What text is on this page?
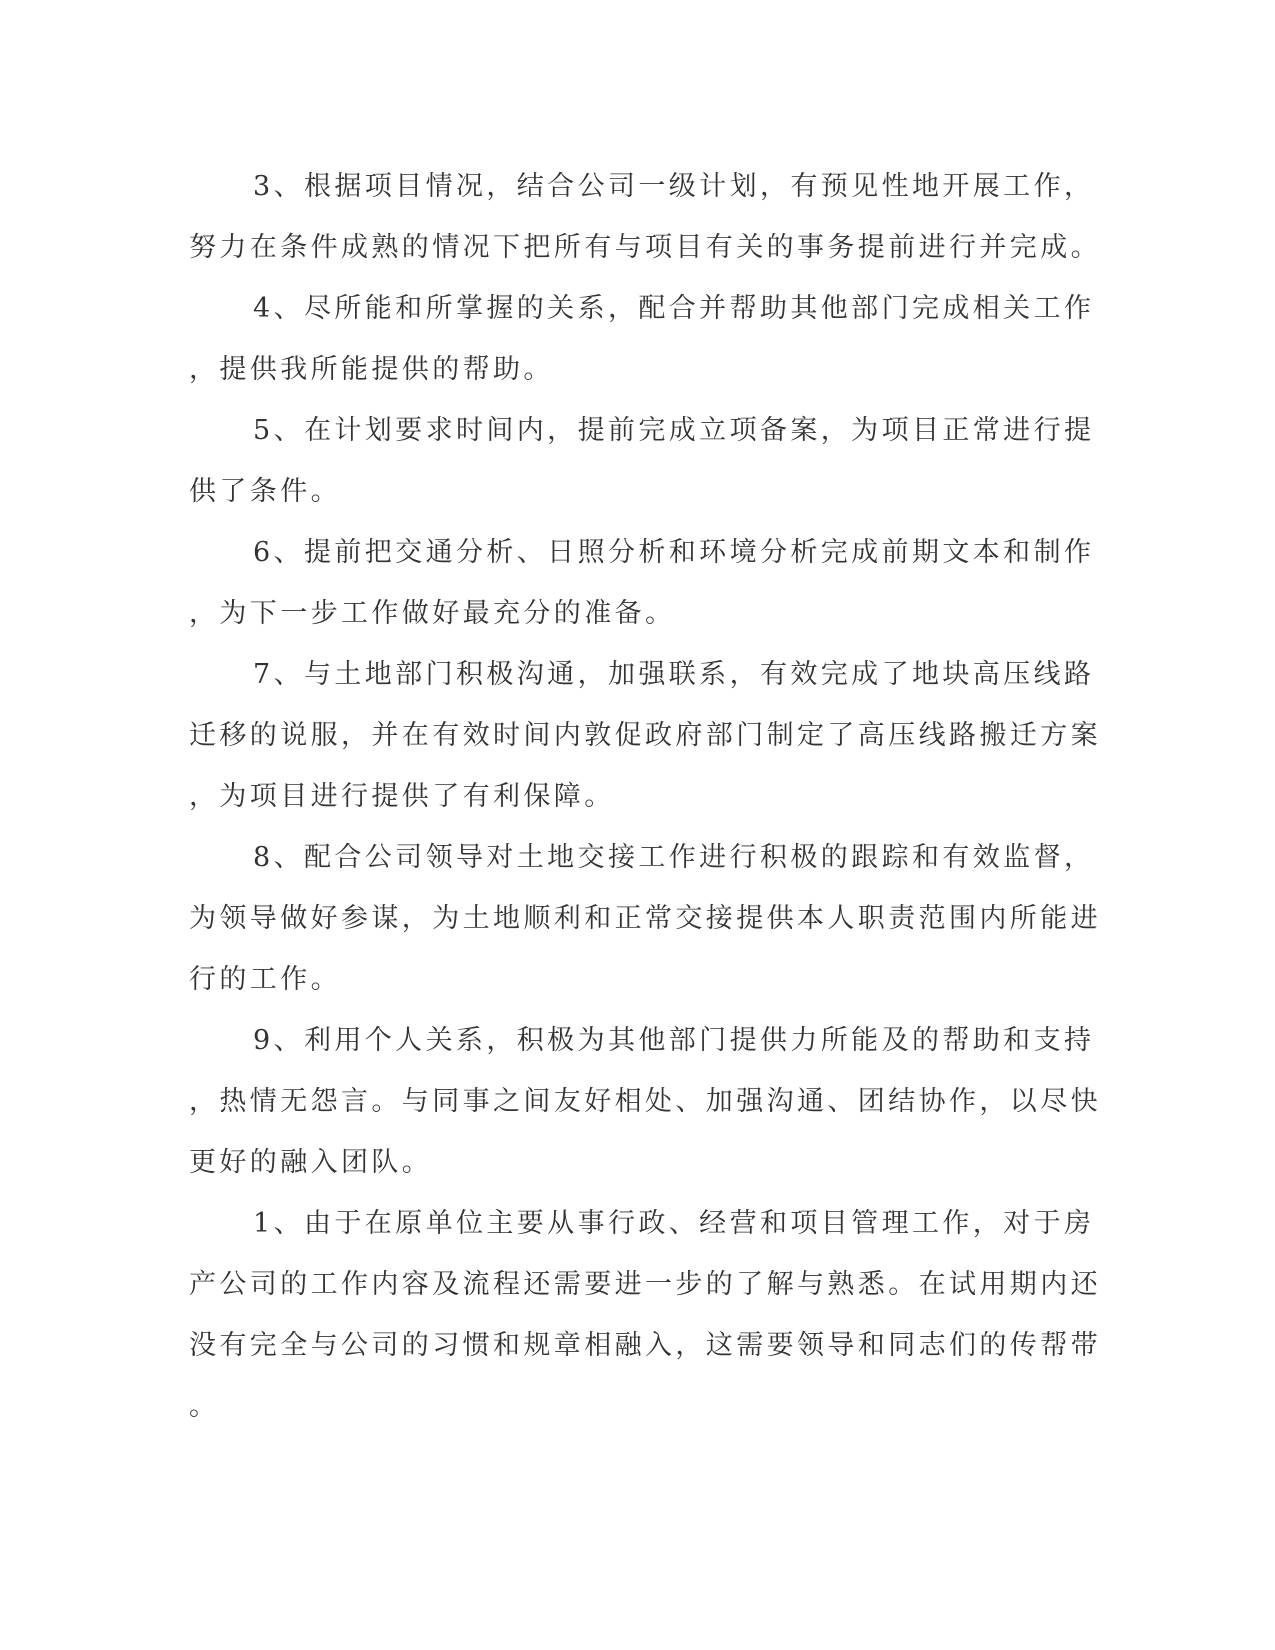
3、根据项目情况，结合公司一级计划，有预见性地开展工作，
努力在条件成熟的情况下把所有与项目有关的事务提前进行并完成。

4、尽所能和所掌握的关系，配合并帮助其他部门完成相关工作
，提供我所能提供的帮助。

5、在计划要求时间内，提前完成立项备案，为项目正常进行提
供了条件。

6、提前把交通分析、日照分析和环境分析完成前期文本和制作
，为下一步工作做好最充分的准备。

7、与土地部门积极沟通，加强联系，有效完成了地块高压线路
迁移的说服，并在有效时间内敦促政府部门制定了高压线路搬迁方案
，为项目进行提供了有利保障。

8、配合公司领导对土地交接工作进行积极的跟踪和有效监督，
为领导做好参谋，为土地顺利和正常交接提供本人职责范围内所能进
行的工作。

9、利用个人关系，积极为其他部门提供力所能及的帮助和支持
，热情无怨言。与同事之间友好相处、加强沟通、团结协作，以尽快
更好的融入团队。

1、由于在原单位主要从事行政、经营和项目管理工作，对于房
产公司的工作内容及流程还需要进一步的了解与熟悉。在试用期内还
没有完全与公司的习惯和规章相融入，这需要领导和同志们的传帮带
。
